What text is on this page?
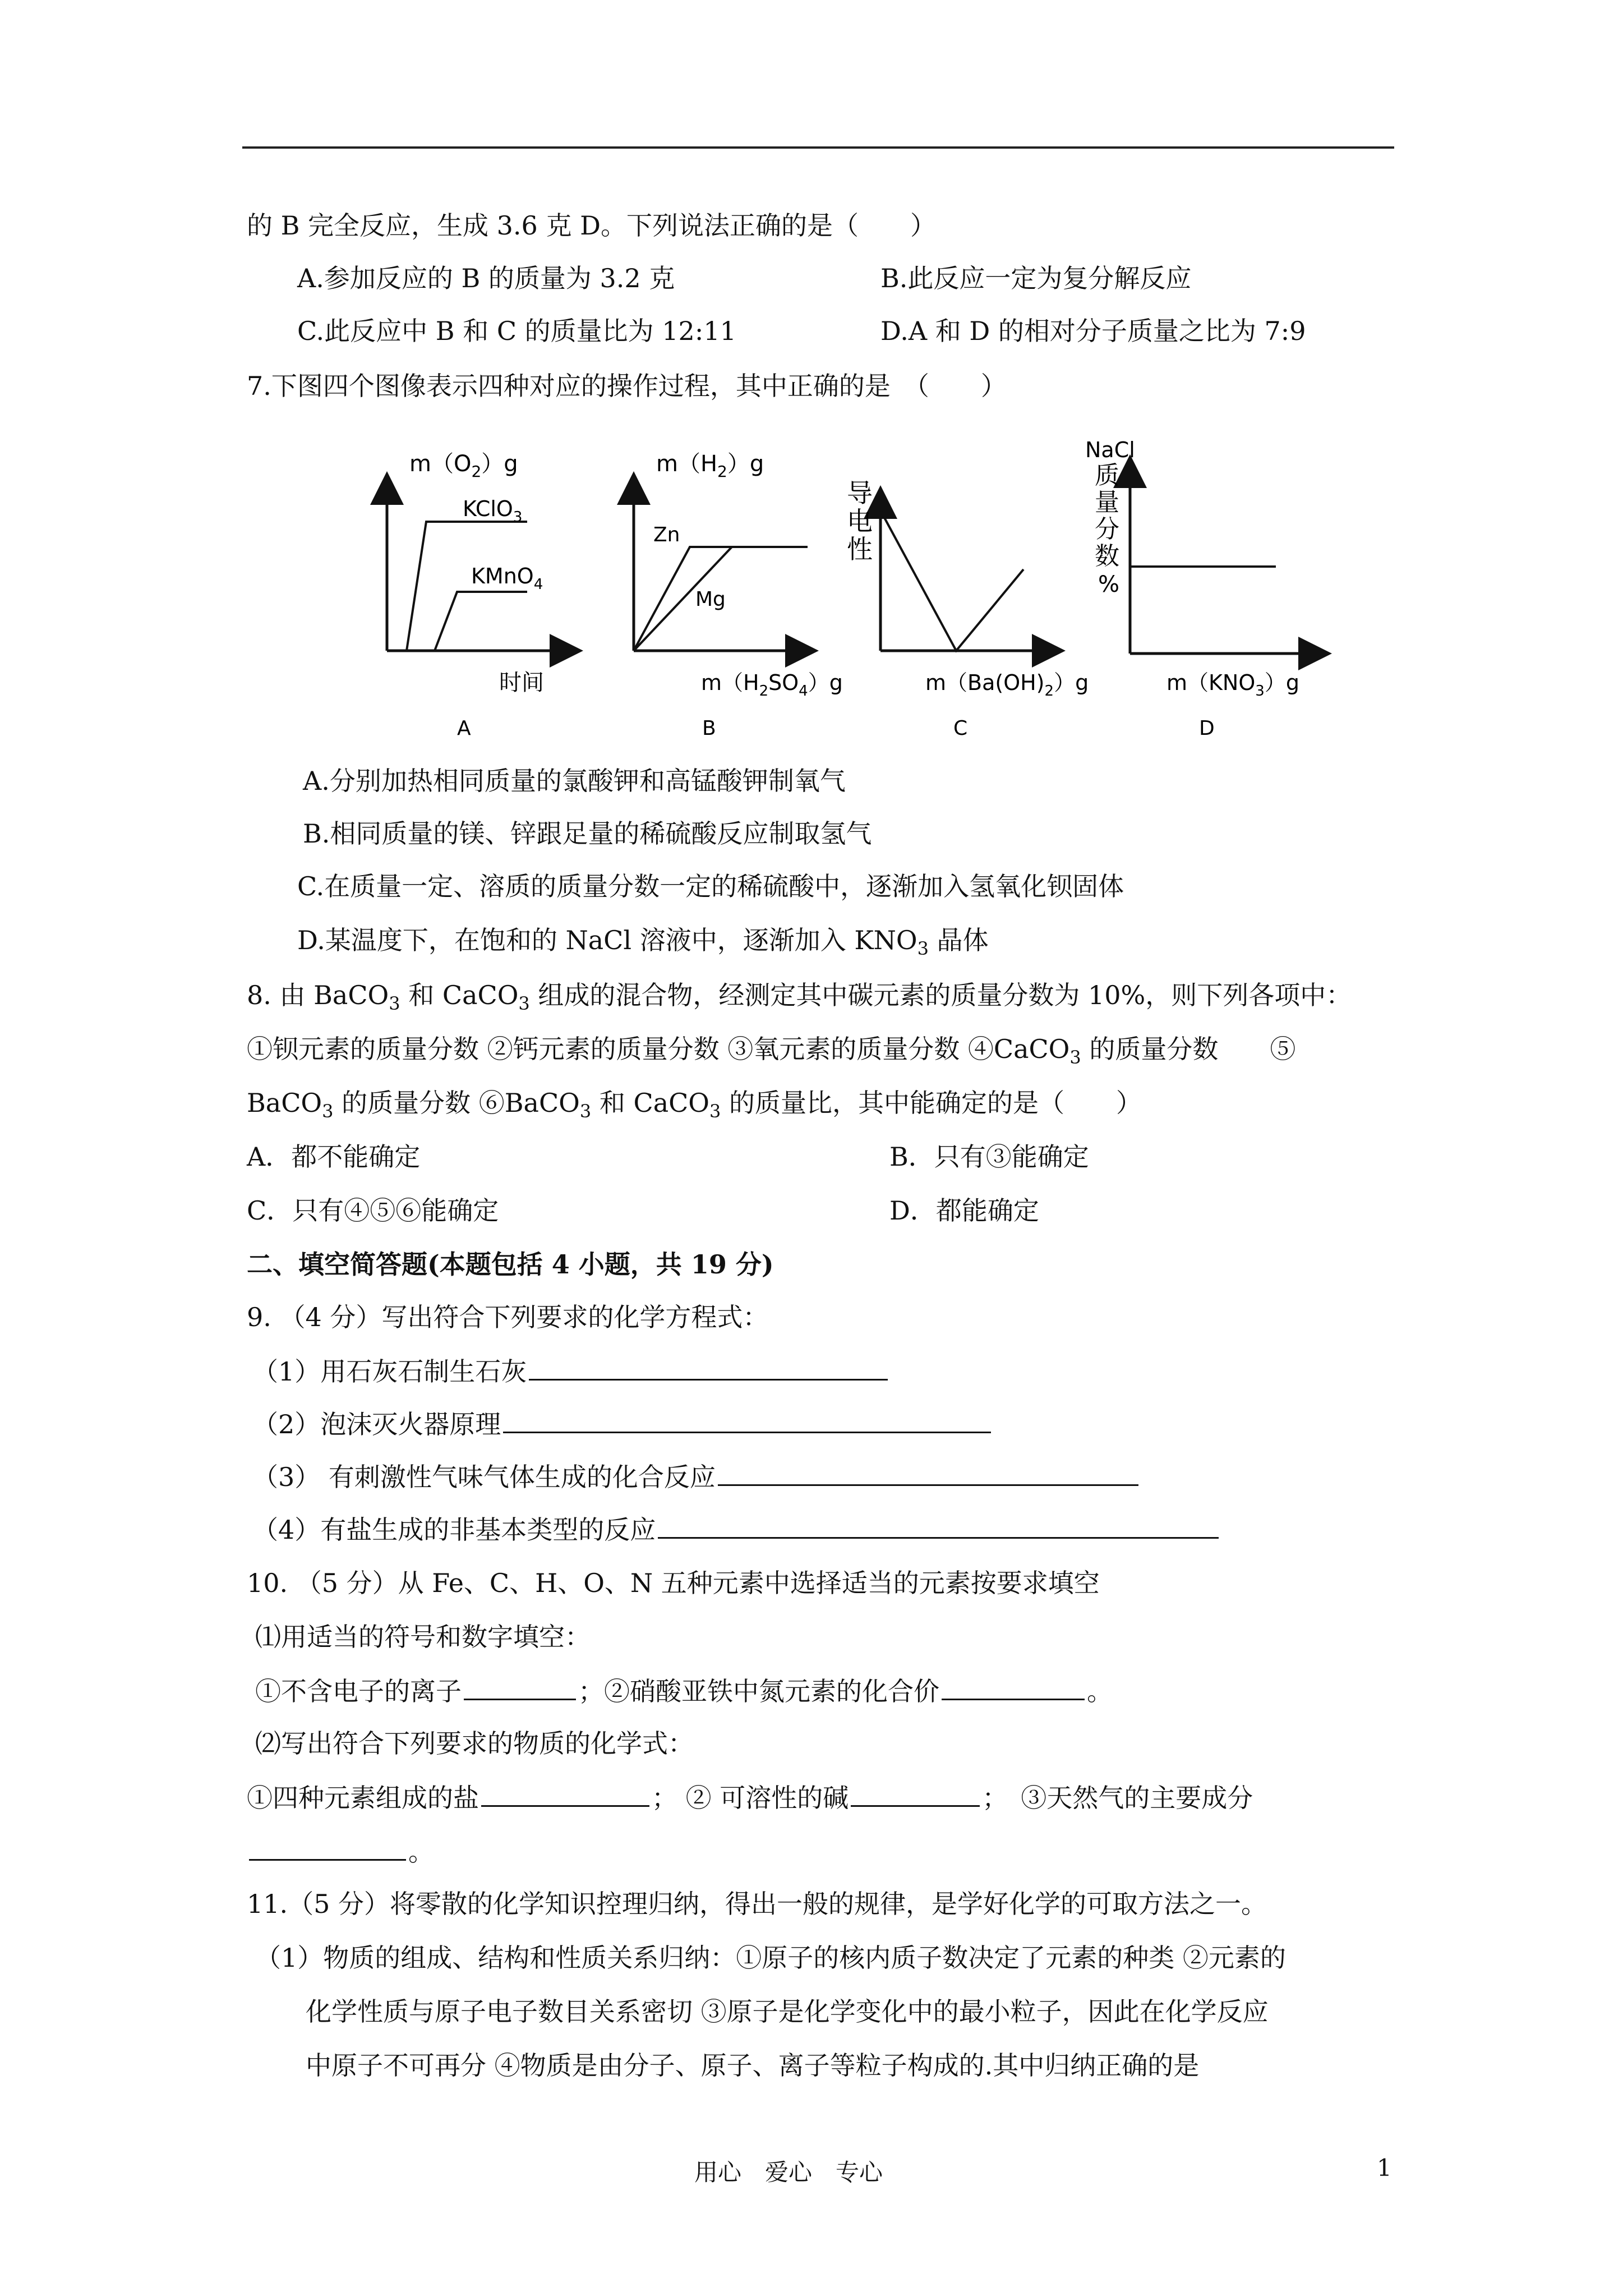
的 B 完全反应，生成 3.6 克 D。下列说法正确的是（　　）
A.参加反应的 B 的质量为 3.2 克	B.此反应一定为复分解反应
C.此反应中 B 和 C 的质量比为 12:11	D.A 和 D 的相对分子质量之比为 7:9
7.下图四个图像表示四种对应的操作过程，其中正确的是　（　　）
$m(O_2)g$
KClO$_3$
KMnO$_4$
时间
A
$m(H_2)g$
Zn
Mg
$m(H_2SO_4)g$
B
导
电
性
$m(Ba(OH)_2)g$
C
NaCl
质
量
分
数
%
$m(KNO_3)g$
D
A.分别加热相同质量的氯酸钾和高锰酸钾制氧气
B.相同质量的镁、锌跟足量的稀硫酸反应制取氢气
C.在质量一定、溶质的质量分数一定的稀硫酸中，逐渐加入氢氧化钡固体
D.某温度下，在饱和的 NaCl 溶液中，逐渐加入 $KNO_3$ 晶体
8. 由 BaCO$_3$ 和 CaCO$_3$ 组成的混合物，经测定其中碳元素的质量分数为 10%，则下列各项中：
①钡元素的质量分数 ②钙元素的质量分数 ③氧元素的质量分数 ④CaCO$_3$ 的质量分数　　⑤
BaCO$_3$ 的质量分数 ⑥BaCO$_3$ 和 CaCO$_3$ 的质量比，其中能确定的是（　　）
A．都不能确定	B．只有③能确定
C．只有④⑤⑥能确定	D．都能确定
二、填空简答题(本题包括 4 小题，共 19 分)
9. （4 分）写出符合下列要求的化学方程式：
（1）用石灰石制生石灰
（2）泡沫灭火器原理
（3） 有刺激性气味气体生成的化合反应
（4）有盐生成的非基本类型的反应
10. （5 分）从 Fe、C、H、O、N 五种元素中选择适当的元素按要求填空
⑴用适当的符号和数字填空：
①不含电子的离子	；②硝酸亚铁中氮元素的化合价	。
⑵写出符合下列要求的物质的化学式：
①四种元素组成的盐	； ② 可溶性的碱	；　③天然气的主要成分
。
11.（5 分）将零散的化学知识控理归纳，得出一般的规律，是学好化学的可取方法之一。
（1）物质的组成、结构和性质关系归纳：①原子的核内质子数决定了元素的种类 ②元素的
化学性质与原子电子数目关系密切 ③原子是化学变化中的最小粒子，因此在化学反应
中原子不可再分 ④物质是由分子、原子、离子等粒子构成的.其中归纳正确的是
用心　爱心　专心	1
